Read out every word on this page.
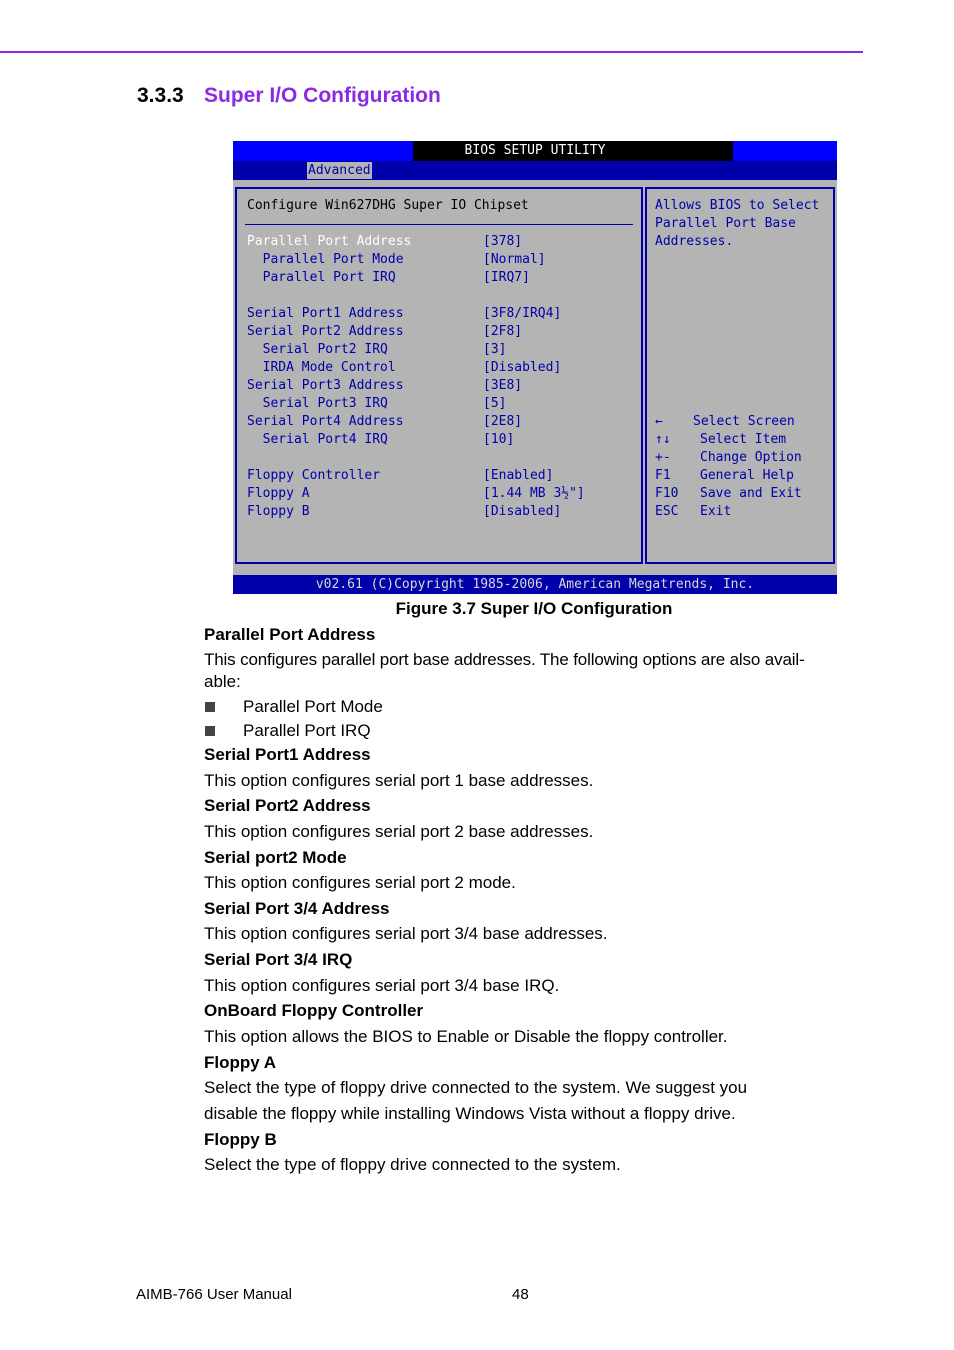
3.3.3 Super I/O Configuration
BIOS SETUP UTILITY
Advanced
Configure Win627DHG Super IO Chipset
Parallel Port Address	[378]
Parallel Port Mode	[Normal]
Parallel Port IRQ	[IRQ7]
Serial Port1 Address	[3F8/IRQ4]
Serial Port2 Address	[2F8]
Serial Port2 IRQ	[3]
IRDA Mode Control	[Disabled]
Serial Port3 Address	[3E8]
Serial Port3 IRQ	[5]
Serial Port4 Address	[2E8]
Serial Port4 IRQ	[10]
Floppy Controller	[Enabled]
Floppy A	[1.44 MB 3½"]
Floppy B	[Disabled]
Allows BIOS to Select
Parallel Port Base
Addresses.
← Select Screen
↑↓ Select Item
+- Change Option
F1 General Help
F10 Save and Exit
ESC Exit
v02.61 (C)Copyright 1985-2006, American Megatrends, Inc.
Figure 3.7 Super I/O Configuration
Parallel Port Address
This configures parallel port base addresses. The following options are also avail-
able:
Parallel Port Mode
Parallel Port IRQ
Serial Port1 Address
This option configures serial port 1 base addresses.
Serial Port2 Address
This option configures serial port 2 base addresses.
Serial port2 Mode
This option configures serial port 2 mode.
Serial Port 3/4 Address
This option configures serial port 3/4 base addresses.
Serial Port 3/4 IRQ
This option configures serial port 3/4 base IRQ.
OnBoard Floppy Controller
This option allows the BIOS to Enable or Disable the floppy controller.
Floppy A
Select the type of floppy drive connected to the system. We suggest you
disable the floppy while installing Windows Vista without a floppy drive.
Floppy B
Select the type of floppy drive connected to the system.
AIMB-766 User Manual	48
